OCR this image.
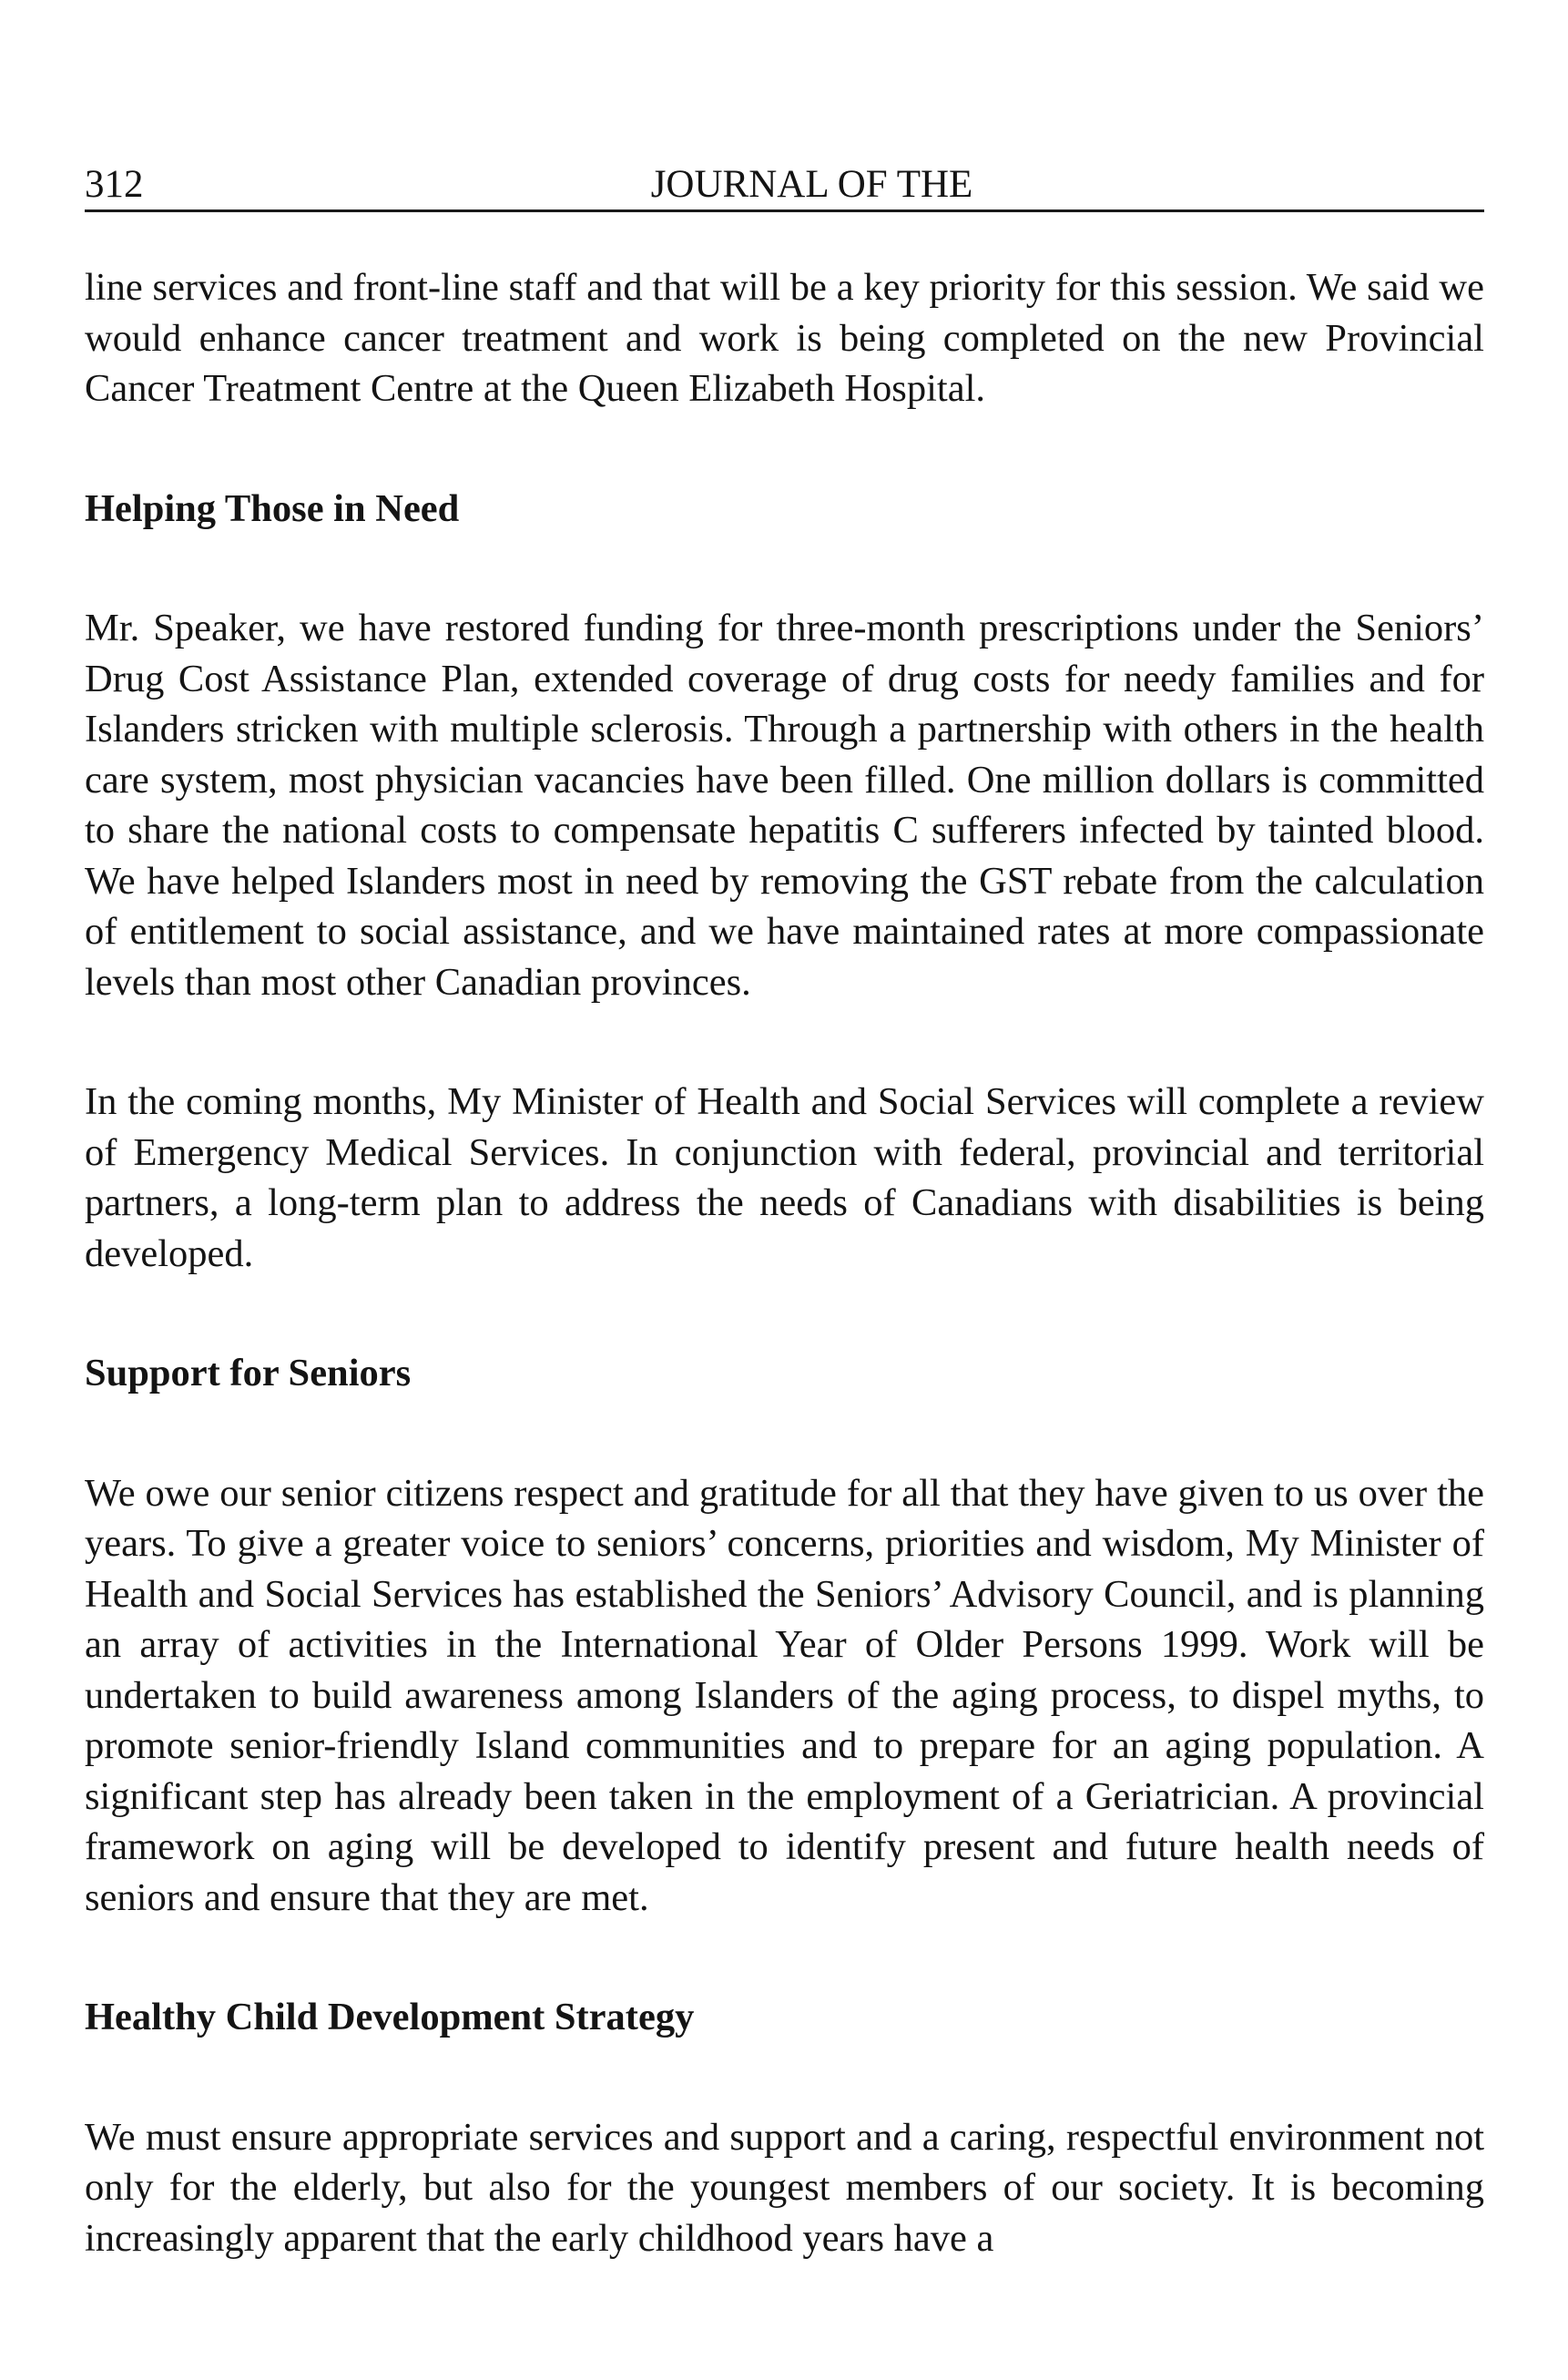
312	JOURNAL OF THE

line services and front-line staff and that will be a key priority for this session. We said we would enhance cancer treatment and work is being completed on the new Provincial Cancer Treatment Centre at the Queen Elizabeth Hospital.

Helping Those in Need

Mr. Speaker, we have restored funding for three-month prescriptions under the Seniors’ Drug Cost Assistance Plan, extended coverage of drug costs for needy families and for Islanders stricken with multiple sclerosis. Through a partnership with others in the health care system, most physician vacancies have been filled. One million dollars is committed to share the national costs to compensate hepatitis C sufferers infected by tainted blood. We have helped Islanders most in need by removing the GST rebate from the calculation of entitlement to social assistance, and we have maintained rates at more compassionate levels than most other Canadian provinces.

In the coming months, My Minister of Health and Social Services will complete a review of Emergency Medical Services. In conjunction with federal, provincial and territorial partners, a long-term plan to address the needs of Canadians with disabilities is being developed.

Support for Seniors

We owe our senior citizens respect and gratitude for all that they have given to us over the years. To give a greater voice to seniors’ concerns, priorities and wisdom, My Minister of Health and Social Services has established the Seniors’ Advisory Council, and is planning an array of activities in the International Year of Older Persons 1999. Work will be undertaken to build awareness among Islanders of the aging process, to dispel myths, to promote senior-friendly Island communities and to prepare for an aging population. A significant step has already been taken in the employment of a Geriatrician. A provincial framework on aging will be developed to identify present and future health needs of seniors and ensure that they are met.

Healthy Child Development Strategy

We must ensure appropriate services and support and a caring, respectful environment not only for the elderly, but also for the youngest members of our society. It is becoming increasingly apparent that the early childhood years have a
